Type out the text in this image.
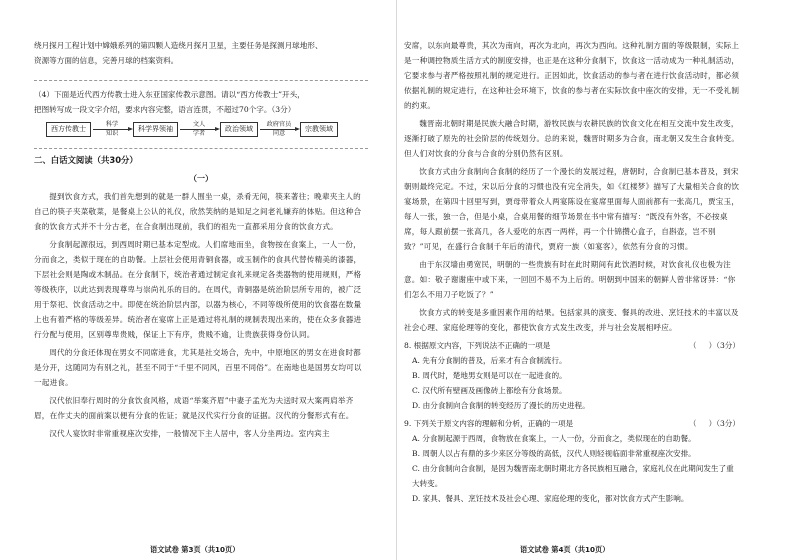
绕月探月工程计划中嫦娥系列的第四颗人造绕月探月卫星，主要任务是探测月球地形、

资源等方面的信息，完善月球的档案资料。

（4）下面是近代西方传教士进入东亚国家传教示意图。请以“西方传教士”开头，

把图转写成一段文字介绍，要求内容完整，语言连贯，不超过70个字。（3分）

西方传教士
科学
知识
科学界领袖
文人
学者
政治领域
政府官员
同意
宗教领域
二、白话文阅读（共30分）
（一）

提到饮食方式，我们首先想到的就是一群人围坐一桌，杀肴无间，筷来著往；晚辈夹主人的自己的筷子夹菜敬菜，是餐桌上公认的礼仪，欣然笑纳的是知足之间老礼嫌弃的体贴。但这种合食的饮食方式并不十分古老，在合食制出现前，我们的祖先一直都采用分食的饮食方式。

分食制起源很远，到西周时期已基本定型成。人们席地而坐，食物按在食案上，一人一份，分而食之，类似于现在的自助餐。上层社会使用青铜食器，或玉制作的食具代替传精美的漆器，下层社会则是陶或木制品。在分食制下，统治者通过制定食礼来规定各类器物的使用规则，严格等级秩序，以此达到表现尊卑与崇尚礼乐的目的。在周代，青铜器是统治阶层所专用的，被广泛用于祭祀、饮食活动之中。即使在统治阶层内部，以器为核心，不同等级所使用的饮食器在数量上也有着严格的等级差异。统治者在宴席上正是通过将礼制的规制表现出来的，使在众多食器进行分配与使用，区别尊卑贵贱，保证上下有序，贵贱不逾，让贵族获得身份认同。

周代的分食还体现在男女不同席进食，尤其是社交场合，先中，中原地区的男女在进食时都是分开，这随同为有别之礼，甚至不同于“千里不同风，百里不同俗”。在南地也是国男女均可以一起进食。

汉代依旧奉行周时的分食饮食风格，成语“举案齐眉”中妻子孟光为夫送时双大案两肩举齐眉，在作丈夫的面前案以便有分食的佐证；就是汉代实行分食的证据。汉代的分餐形式有在。

汉代人宴饮时非常重视座次安排，一般情况下主人居中，客人分坐两边。室内宾主

语文试卷 第3页（共10页）

安席，以东向最尊贵，其次为南向，再次为北向，再次为西向。这种礼制方面的等级限制，实际上是一种调控物质生活方式的制度安排，也正是在这种分食制下，饮食这一活动成为一种礼制活动，它要求参与者严格按照礼制的规定进行。正因如此，饮食活动的参与者在进行饮食活动时，都必须依据礼制的规定进行，在这种社会环境下，饮食的参与者在实际饮食中座次的安排，无一不受礼制的约束。

魏晋南北朝时期是民族大融合时期，游牧民族与农耕民族的饮食文化在相互交流中发生改变，逐渐打破了原先的社会阶层的传统划分。总的来说，魏晋时期多为合食，南北朝又发生合食转变。但人们对饮食的分食与合食的分别仍然有区别。

饮食方式由分食制向合食制的经历了一个漫长的发展过程，唐朝时，合食制已基本普及，到宋朝则最终完定。不过，宋以后分食的习惯也没有完全消失，如《红楼梦》描写了大量相关合食的饮宴场景，在第四十回里写到，贾母带着众人两宴陈设在宴席里面每人面前都有一张高几，贾宝玉，每人一张，独一合，但是小桌，合桌用餐的细节场景在书中常有描写：“既没有外客，不必按桌席，每人跟前摆一张高几，各人爱吃的东西一两样，再一个什锦攒心盒子，自斟壶，岂不别致？”可见，在盛行合食制千年后的清代，贾府一族（如宴客），依然有分食的习惯。

由于东汉墙由勇宽民，明朝的一些贵族有时在此时期间有此饮酒时候，对饮食礼仪也极为注意。如：敬子谢谢座中或下来，一回回不易不为上后的。明朝到中国来的朝鲜人曾非常讶异：“你们怎么不用刀子吃饭了？”

饮食方式的转变是多重因素作用的结果。包括家具的演变、餐具的改进、烹饪技术的丰富以及社会心理、家庭伦理等的变化，都使饮食方式发生改变，并与社会发展相呼应。

8. 根据原文内容，下列说法不正确的一项是	（     ）（3分）

A. 先有分食制的普及，后来才有合食制流行。

B. 周代时，楚地男女则是可以在一起进食的。

C. 汉代所有壁画及画像砖上都绘有分食场景。

D. 由分食制向合食制的转变经历了漫长的历史进程。

9. 下列关于原文内容的理解和分析，正确的一项是	（     ）（3分）

A. 分食制起源于西周，食物放在食案上，一人一份，分而食之，类似现在的自助餐。

B. 周朝人以占有鼎的多少来区分等级的高低，汉代人则轻视临面非常重视座次安排。

C. 由分食制向合食制，是因为魏晋南北朝时期北方各民族相互融合，家庭礼仪在此期间发生了重大转变。

D. 家具、餐具、烹饪技术及社会心理、家庭伦理的变化，都对饮食方式产生影响。

语文试卷 第4页（共10页）
